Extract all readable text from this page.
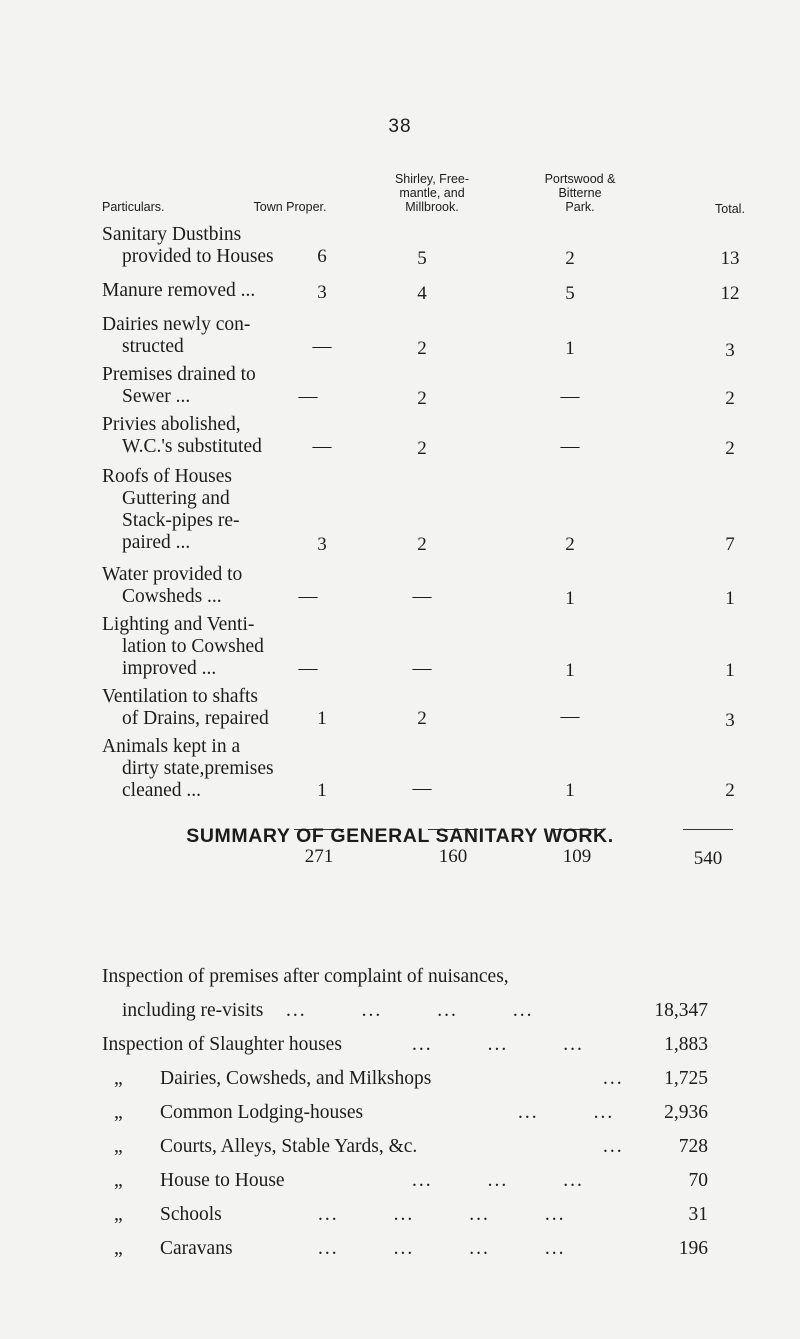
38
Particulars.	Town Proper.
Shirley, Free-
mantle, and
Millbrook.
Portswood &
Bitterne
Park.	Total.
Sanitary Dustbins
provided to Houses	6	5	2	13
Manure removed ...	3	4	5	12
Dairies newly con-
structed	—	2	1	3
Premises drained to
Sewer ...	—	2	—	2
Privies abolished,
W.C.'s substituted	—	2	—	2
Roofs of Houses
Guttering and
Stack-pipes re-
paired ...	3	2	2	7
Water provided to
Cowsheds ...	—	—	1	1
Lighting and Venti-
lation to Cowshed
improved ...	—	—	1	1
Ventilation to shafts
of Drains, repaired	1	2	—	3
Animals kept in a
dirty state,premises
cleaned ...	1	—	1	2
271	160	109	540
SUMMARY OF GENERAL SANITARY WORK.
Inspection of premises after complaint of nuisances,
including re-visits ...        ...        ...        ...	18,347
Inspection of Slaughter houses	...        ...        ...	1,883
„ Dairies, Cowsheds, and Milkshops	...	1,725
„ Common Lodging-houses	...        ...	2,936
„ Courts, Alleys, Stable Yards, &c.	...	728
„ House to House	...        ...        ...	70
„ Schools	...        ...        ...        ...	31
„ Caravans	...        ...        ...        ...	196
